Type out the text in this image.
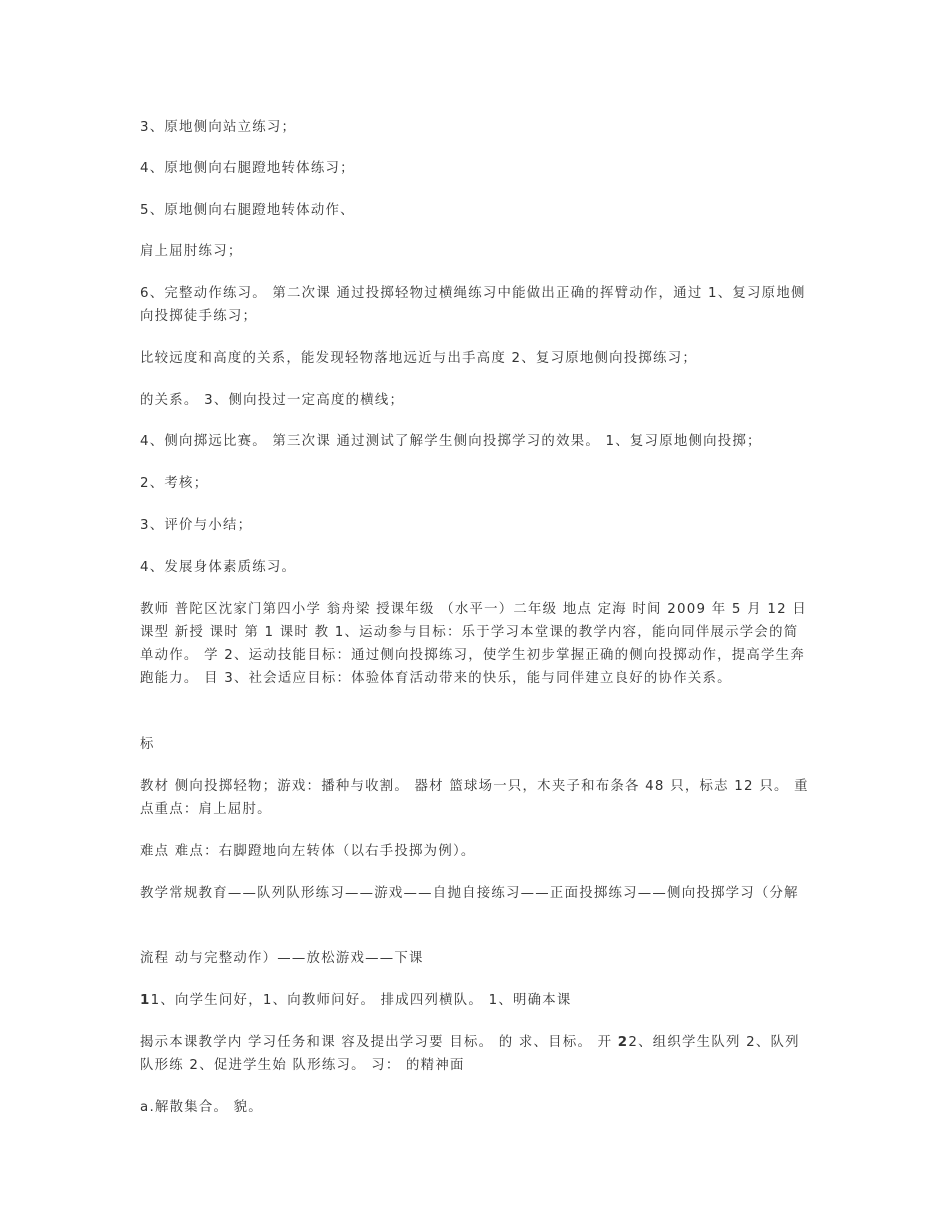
3、原地侧向站立练习；
4、原地侧向右腿蹬地转体练习；
5、原地侧向右腿蹬地转体动作、
肩上屈肘练习；
6、完整动作练习。 第二次课 通过投掷轻物过横绳练习中能做出正确的挥臂动作，通过 1、复习原地侧向投掷徒手练习；
比较远度和高度的关系，能发现轻物落地远近与出手高度 2、复习原地侧向投掷练习；
的关系。 3、侧向投过一定高度的横线；
4、侧向掷远比赛。 第三次课 通过测试了解学生侧向投掷学习的效果。 1、复习原地侧向投掷；
2、考核；
3、评价与小结；
4、发展身体素质练习。
教师 普陀区沈家门第四小学 翁舟梁 授课年级 （水平一）二年级 地点 定海 时间 2009 年 5 月 12 日 课型 新授 课时 第 1 课时 教 1、运动参与目标：乐于学习本堂课的教学内容，能向同伴展示学会的简单动作。 学 2、运动技能目标：通过侧向投掷练习，使学生初步掌握正确的侧向投掷动作，提高学生奔跑能力。 目 3、社会适应目标：体验体育活动带来的快乐，能与同伴建立良好的协作关系。
标
教材 侧向投掷轻物；游戏：播种与收割。 器材 篮球场一只，木夹子和布条各 48 只，标志 12 只。 重点重点：肩上屈肘。
难点 难点：右脚蹬地向左转体（以右手投掷为例）。
教学常规教育——队列队形练习——游戏——自抛自接练习——正面投掷练习——侧向投掷学习（分解
流程 动与完整动作）——放松游戏——下课
11、向学生问好，1、向教师问好。 排成四列横队。 1、明确本课
揭示本课教学内 学习任务和课 容及提出学习要 目标。 的 求、目标。 开 22、组织学生队列 2、队列队形练 2、促进学生始 队形练习。 习： 的精神面
a.解散集合。 貌。
